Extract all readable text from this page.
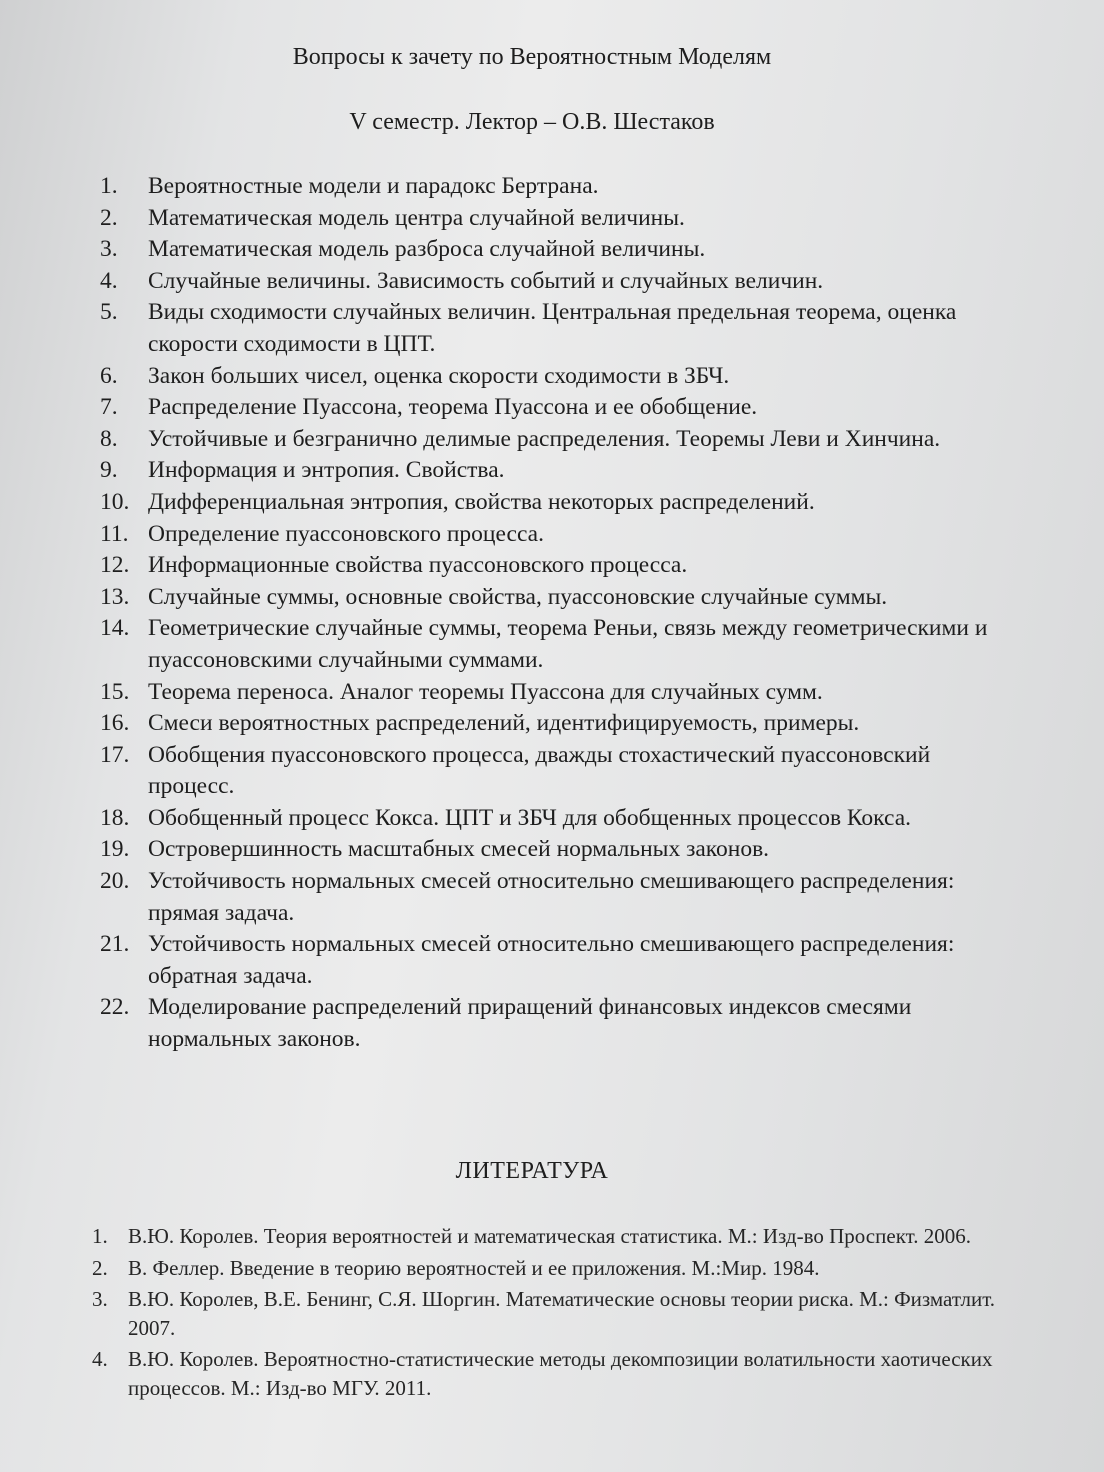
Вопросы к зачету по Вероятностным Моделям
V семестр. Лектор – О.В. Шестаков
1. Вероятностные модели и парадокс Бертрана.
2. Математическая модель центра случайной величины.
3. Математическая модель разброса случайной величины.
4. Случайные величины. Зависимость событий и случайных величин.
5. Виды сходимости случайных величин. Центральная предельная теорема, оценка скорости сходимости в ЦПТ.
6. Закон больших чисел, оценка скорости сходимости в ЗБЧ.
7. Распределение Пуассона, теорема Пуассона и ее обобщение.
8. Устойчивые и безгранично делимые распределения. Теоремы Леви и Хинчина.
9. Информация и энтропия. Свойства.
10. Дифференциальная энтропия, свойства некоторых распределений.
11. Определение пуассоновского процесса.
12. Информационные свойства пуассоновского процесса.
13. Случайные суммы, основные свойства, пуассоновские случайные суммы.
14. Геометрические случайные суммы, теорема Реньи, связь между геометрическими и пуассоновскими случайными суммами.
15. Теорема переноса. Аналог теоремы Пуассона для случайных сумм.
16. Смеси вероятностных распределений, идентифицируемость, примеры.
17. Обобщения пуассоновского процесса, дважды стохастический пуассоновский процесс.
18. Обобщенный процесс Кокса. ЦПТ и ЗБЧ для обобщенных процессов Кокса.
19. Островершинность масштабных смесей нормальных законов.
20. Устойчивость нормальных смесей относительно смешивающего распределения: прямая задача.
21. Устойчивость нормальных смесей относительно смешивающего распределения: обратная задача.
22. Моделирование распределений приращений финансовых индексов смесями нормальных законов.
ЛИТЕРАТУРА
1. В.Ю. Королев. Теория вероятностей и математическая статистика. М.: Изд-во Проспект. 2006.
2. В. Феллер. Введение в теорию вероятностей и ее приложения. М.:Мир. 1984.
3. В.Ю. Королев, В.Е. Бенинг, С.Я. Шоргин. Математические основы теории риска. М.: Физматлит. 2007.
4. В.Ю. Королев. Вероятностно-статистические методы декомпозиции волатильности хаотических процессов. М.: Изд-во МГУ. 2011.
